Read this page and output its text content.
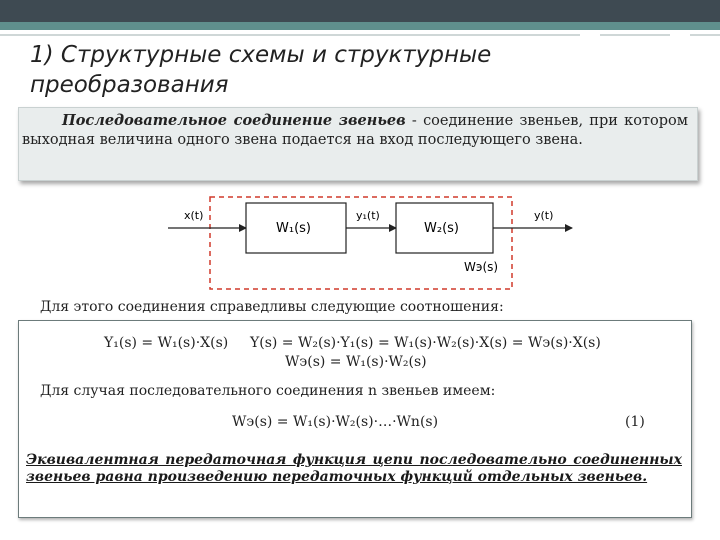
1) Структурные схемы и структурные преобразования
Последовательное соединение звеньев - соединение звеньев, при котором выходная величина одного звена подается на вход последующего звена.
x(t)	y₁(t)	y(t)
W₁(s)	W₂(s)
Wэ(s)
Для этого соединения справедливы следующие соотношения:
Y₁(s) = W₁(s)·X(s) Y(s) = W₂(s)·Y₁(s) = W₁(s)·W₂(s)·X(s) = Wэ(s)·X(s)
Wэ(s) = W₁(s)·W₂(s)
Для случая последовательного соединения n звеньев имеем:
Wэ(s) = W₁(s)·W₂(s)·…·Wn(s)	(1)
Эквивалентная передаточная функция цепи последовательно соединенных звеньев равна произведению передаточных функций отдельных звеньев.
